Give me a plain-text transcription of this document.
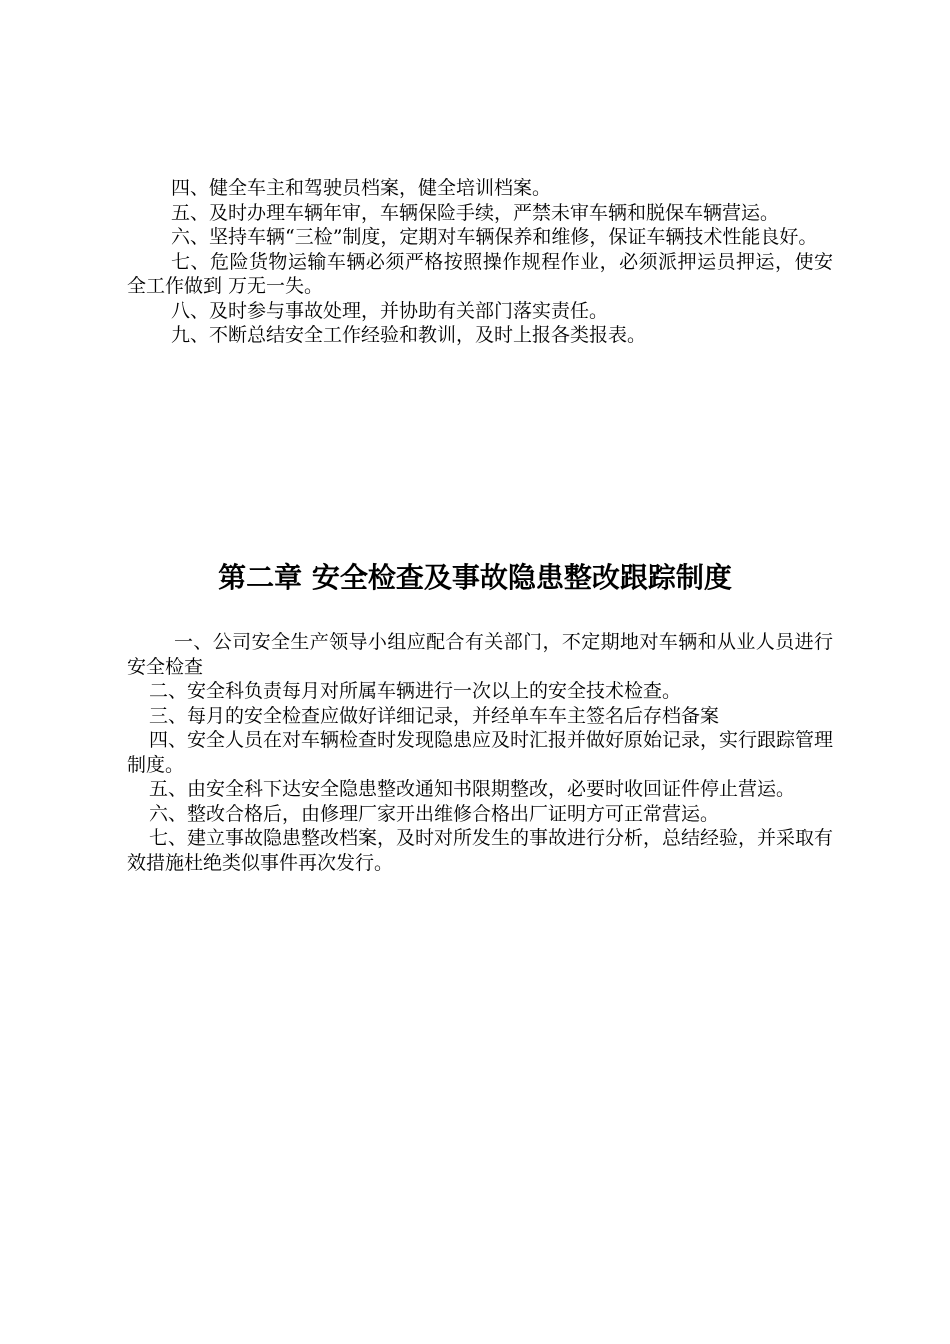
四、健全车主和驾驶员档案，健全培训档案。

五、及时办理车辆年审，车辆保险手续，严禁未审车辆和脱保车辆营运。

六、坚持车辆“三检”制度，定期对车辆保养和维修，保证车辆技术性能良好。

七、危险货物运输车辆必须严格按照操作规程作业，必须派押运员押运，使安全工作做到 万无一失。

八、及时参与事故处理，并协助有关部门落实责任。

九、不断总结安全工作经验和教训，及时上报各类报表。

第二章 安全检查及事故隐患整改跟踪制度

一、公司安全生产领导小组应配合有关部门，不定期地对车辆和从业人员进行安全检查

二、安全科负责每月对所属车辆进行一次以上的安全技术检查。

三、每月的安全检查应做好详细记录，并经单车车主签名后存档备案

四、安全人员在对车辆检查时发现隐患应及时汇报并做好原始记录，实行跟踪管理制度。

五、由安全科下达安全隐患整改通知书限期整改，必要时收回证件停止营运。

六、整改合格后，由修理厂家开出维修合格出厂证明方可正常营运。

七、建立事故隐患整改档案，及时对所发生的事故进行分析，总结经验，并采取有效措施杜绝类似事件再次发行。
